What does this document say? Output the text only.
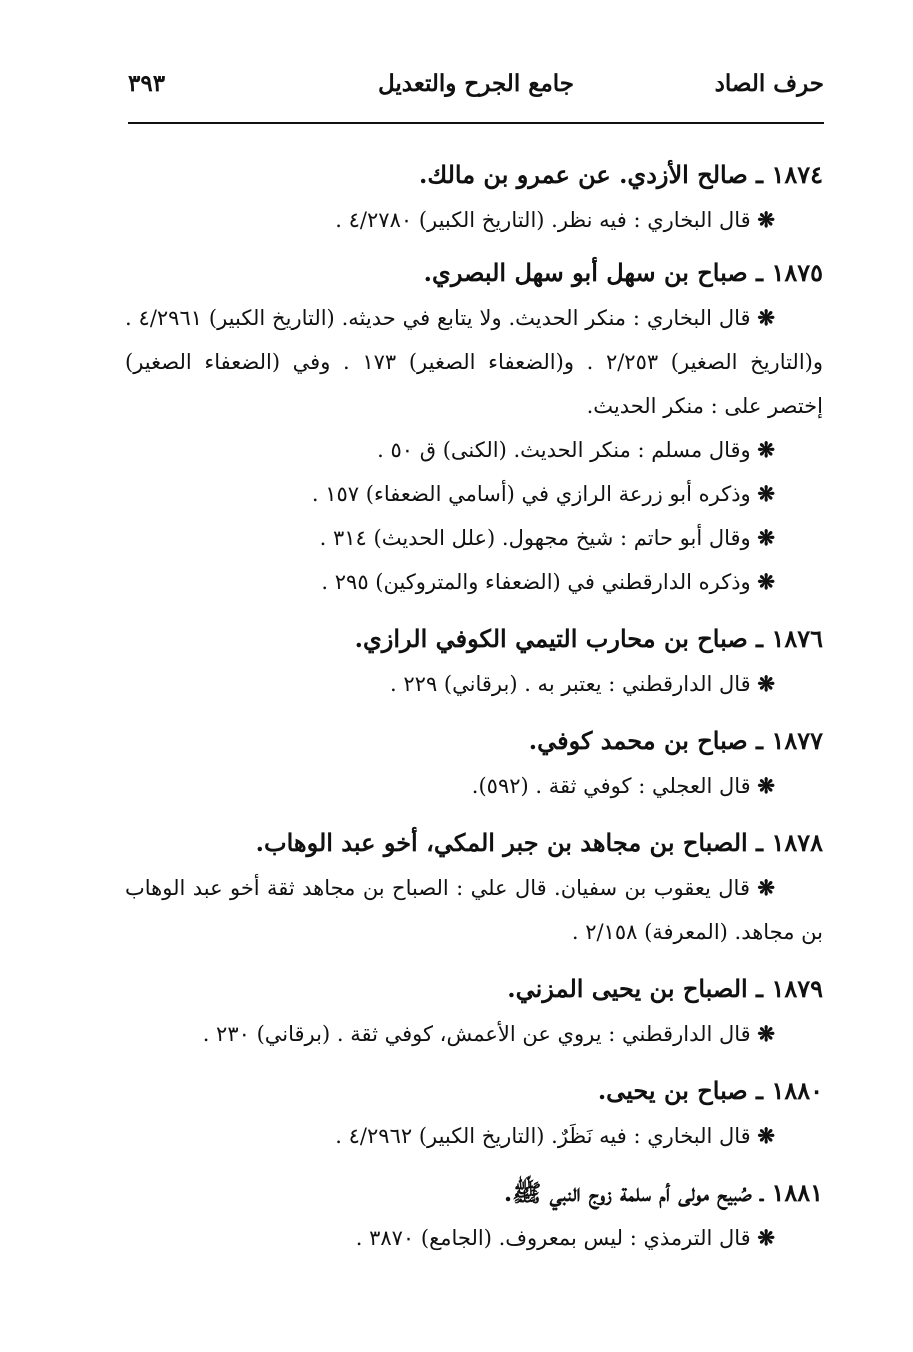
حرف الصاد
جامع الجرح والتعديل
٣٩٣
١٨٧٤ ـ صالح الأزدي. عن عمرو بن مالك.
❋ قال البخاري : فيه نظر. (التاريخ الكبير) ٤/٢٧٨٠ .
١٨٧٥ ـ صباح بن سهل أبو سهل البصري.
❋ قال البخاري : منكر الحديث. ولا يتابع في حديثه. (التاريخ الكبير) ٤/٢٩٦١ . و(التاريخ الصغير) ٢/٢٥٣ . و(الضعفاء الصغير) ١٧٣ . وفي (الضعفاء الصغير) إختصر على : منكر الحديث.
❋ وقال مسلم : منكر الحديث. (الكنى) ق ٥٠ .
❋ وذكره أبو زرعة الرازي في (أسامي الضعفاء) ١٥٧ .
❋ وقال أبو حاتم : شيخ مجهول. (علل الحديث) ٣١٤ .
❋ وذكره الدارقطني في (الضعفاء والمتروكين) ٢٩٥ .
١٨٧٦ ـ صباح بن محارب التيمي الكوفي الرازي.
❋ قال الدارقطني : يعتبر به . (برقاني) ٢٢٩ .
١٨٧٧ ـ صباح بن محمد كوفي.
❋ قال العجلي : كوفي ثقة . (٥٩٢).
١٨٧٨ ـ الصباح بن مجاهد بن جبر المكي، أخو عبد الوهاب.
❋ قال يعقوب بن سفيان. قال علي : الصباح بن مجاهد ثقة أخو عبد الوهاب بن مجاهد. (المعرفة) ٢/١٥٨ .
١٨٧٩ ـ الصباح بن يحيى المزني.
❋ قال الدارقطني : يروي عن الأعمش، كوفي ثقة . (برقاني) ٢٣٠ .
١٨٨٠ ـ صباح بن يحيى.
❋ قال البخاري : فيه نَظَرٌ. (التاريخ الكبير) ٤/٢٩٦٢ .
١٨٨١ ـ صُبيح مولى أم سلمة زوج النبي ﷺ.
❋ قال الترمذي : ليس بمعروف. (الجامع) ٣٨٧٠ .
